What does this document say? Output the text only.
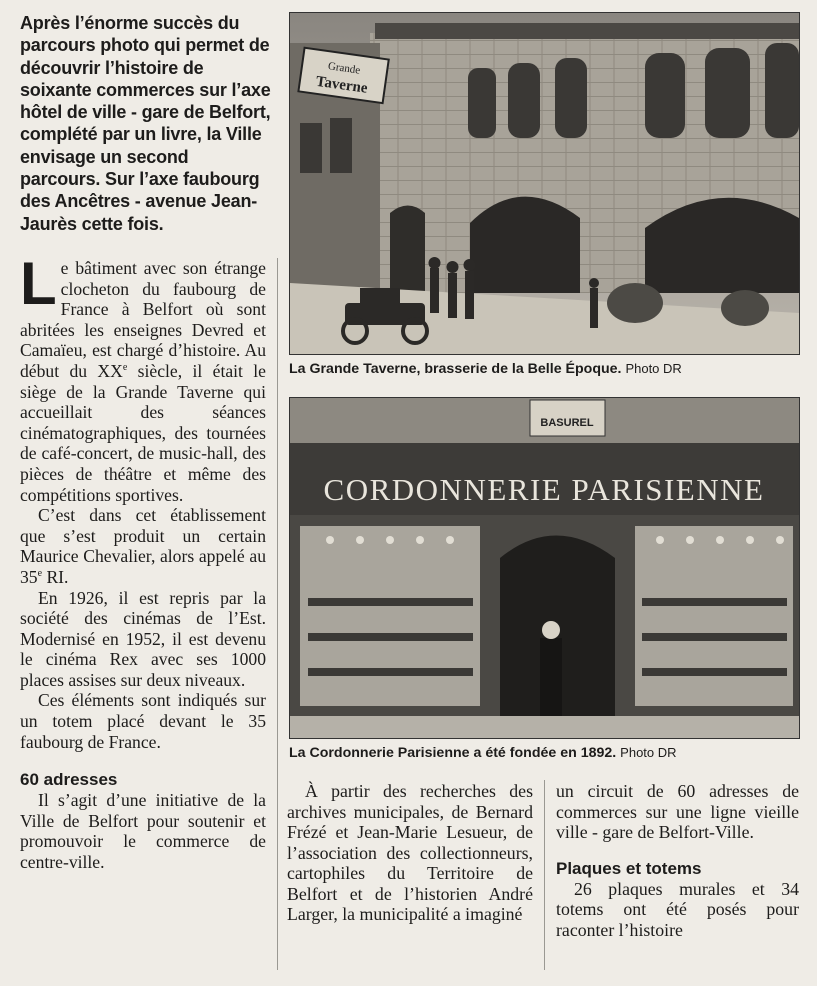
Après l’énorme succès du parcours photo qui permet de découvrir l’histoire de soixante commerces sur l’axe hôtel de ville - gare de Belfort, complété par un livre, la Ville envisage un second parcours. Sur l’axe faubourg des Ancêtres - avenue Jean-Jaurès cette fois.

Le bâtiment avec son étrange clocheton du faubourg de France à Belfort où sont abritées les enseignes Devred et Camaïeu, est chargé d’histoire. Au début du XXe siècle, il était le siège de la Grande Taverne qui accueillait des séances cinématographiques, des tournées de café-concert, de music-hall, des pièces de théâtre et même des compétitions sportives.

C’est dans cet établissement que s’est produit un certain Maurice Chevalier, alors appelé au 35e RI.

En 1926, il est repris par la société des cinémas de l’Est. Modernisé en 1952, il est devenu le cinéma Rex avec ses 1000 places assises sur deux niveaux.

Ces éléments sont indiqués sur un totem placé devant le 35 faubourg de France.

60 adresses

Il s’agit d’une initiative de la Ville de Belfort pour soutenir et promouvoir le commerce de centre-ville.

Grande
Taverne
La Grande Taverne, brasserie de la Belle Époque. Photo DR
BASUREL
CORDONNERIE PARISIENNE
La Cordonnerie Parisienne a été fondée en 1892. Photo DR

À partir des recherches des archives municipales, de Bernard Frézé et Jean-Marie Lesueur, de l’association des collectionneurs, cartophiles du Territoire de Belfort et de l’historien André Larger, la municipalité a imaginé

un circuit de 60 adresses de commerces sur une ligne vieille ville - gare de Belfort-Ville.

Plaques et totems

26 plaques murales et 34 totems ont été posés pour raconter l’histoire
